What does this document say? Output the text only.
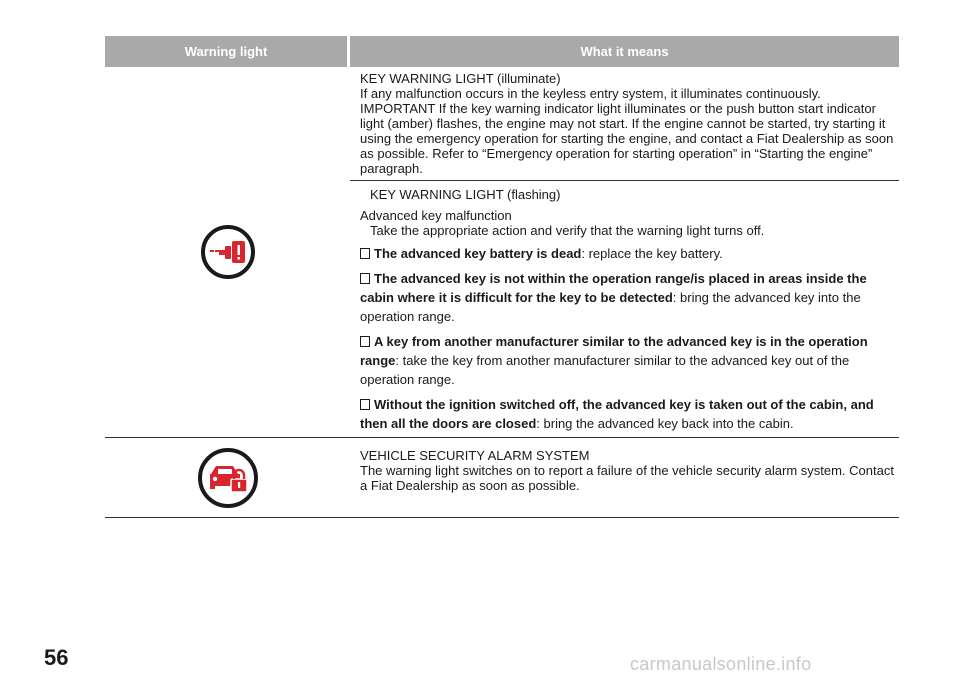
Warning light	What it means
KEY WARNING LIGHT (illuminate)
If any malfunction occurs in the keyless entry system, it illuminates continuously.
IMPORTANT If the key warning indicator light illuminates or the push button start indicator light (amber) flashes, the engine may not start. If the engine cannot be started, try starting it using the emergency operation for starting the engine, and contact a Fiat Dealership as soon as possible. Refer to “Emergency operation for starting operation” in “Starting the engine” paragraph.
KEY WARNING LIGHT (flashing)
Advanced key malfunction
Take the appropriate action and verify that the warning light turns off.
The advanced key battery is dead: replace the key battery.
The advanced key is not within the operation range/is placed in areas inside the cabin where it is difficult for the key to be detected: bring the advanced key into the operation range.
A key from another manufacturer similar to the advanced key is in the operation range: take the key from another manufacturer similar to the advanced key out of the operation range.
Without the ignition switched off, the advanced key is taken out of the cabin, and then all the doors are closed: bring the advanced key back into the cabin.
VEHICLE SECURITY ALARM SYSTEM
The warning light switches on to report a failure of the vehicle security alarm system. Contact a Fiat Dealership as soon as possible.
56	carmanualsonline.info
